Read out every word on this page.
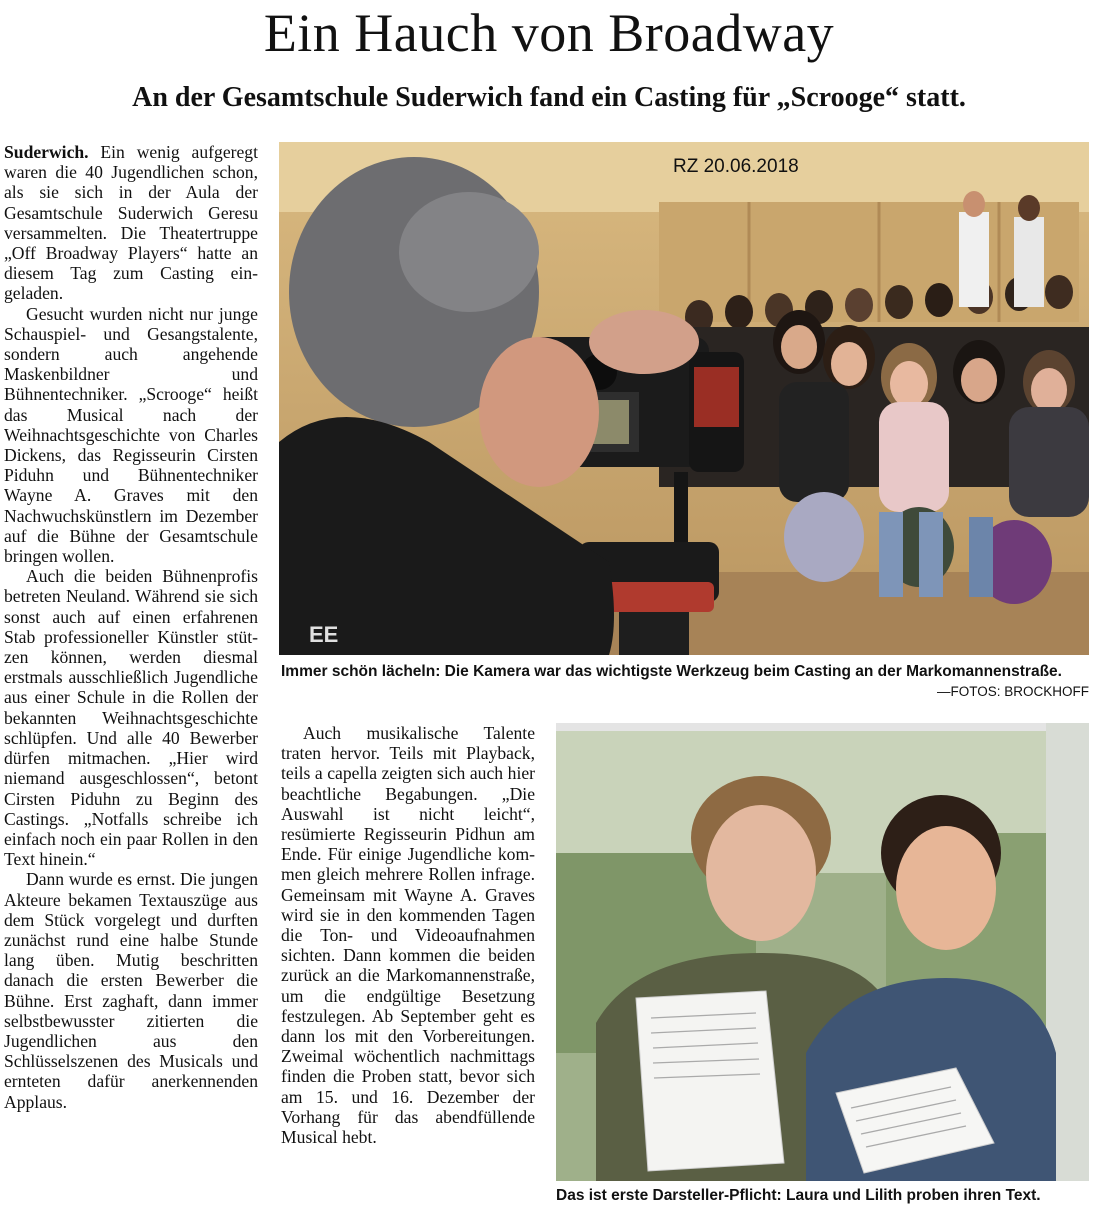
Ein Hauch von Broadway
An der Gesamtschule Suderwich fand ein Casting für „Scrooge“ statt.

Suderwich. Ein wenig aufgeregt waren die 40 Jugendlichen schon, als sie sich in der Aula der Gesamtschule Suderwich Geresu versammelten. Die Theatertruppe „Off Broadway Players“ hatte an diesem Tag zum Casting eingeladen.

Gesucht wurden nicht nur junge Schauspiel- und Gesangstalente, sondern auch angehende Maskenbildner und Bühnentechniker. „Scrooge“ heißt das Musical nach der Weihnachtsgeschichte von Charles Dickens, das Regisseurin Cirsten Piduhn und Bühnentechniker Wayne A. Graves mit den Nachwuchskünstlern im Dezember auf die Bühne der Gesamtschule bringen wollen.

Auch die beiden Bühnenprofis betreten Neuland. Während sie sich sonst auch auf einen erfahrenen Stab professioneller Künstler stützen können, werden diesmal erstmals ausschließlich Jugendliche aus einer Schule in die Rollen der bekannten Weihnachtsgeschichte schlüpfen. Und alle 40 Bewerber dürfen mitmachen. „Hier wird niemand ausgeschlossen“, betont Cirsten Piduhn zu Beginn des Castings. „Notfalls schreibe ich einfach noch ein paar Rollen in den Text hinein.“

Dann wurde es ernst. Die jungen Akteure bekamen Textauszüge aus dem Stück vorgelegt und durften zunächst rund eine halbe Stunde lang üben. Mutig beschritten danach die ersten Bewerber die Bühne. Erst zaghaft, dann immer selbstbewusster zitierten die Jugendlichen aus den Schlüsselszenen des Musicals und ernteten dafür anerkennenden Applaus.

EE
RZ 20.06.2018
Immer schön lächeln: Die Kamera war das wichtigste Werkzeug beim Casting an der Markomannenstraße.
—FOTOS: BROCKHOFF

Auch musikalische Talente traten hervor. Teils mit Playback, teils a capella zeigten sich auch hier beachtliche Begabungen. „Die Auswahl ist nicht leicht“, resümierte Regisseurin Pidhun am Ende. Für einige Jugendliche kommen gleich mehrere Rollen infrage. Gemeinsam mit Wayne A. Graves wird sie in den kommenden Tagen die Ton- und Videoaufnahmen sichten. Dann kommen die beiden zurück an die Markomannenstraße, um die endgültige Besetzung festzulegen. Ab September geht es dann los mit den Vorbereitungen. Zweimal wöchentlich nachmittags finden die Proben statt, bevor sich am 15. und 16. Dezember der Vorhang für das abendfüllende Musical hebt.

Das ist erste Darsteller-Pflicht: Laura und Lilith proben ihren Text.
